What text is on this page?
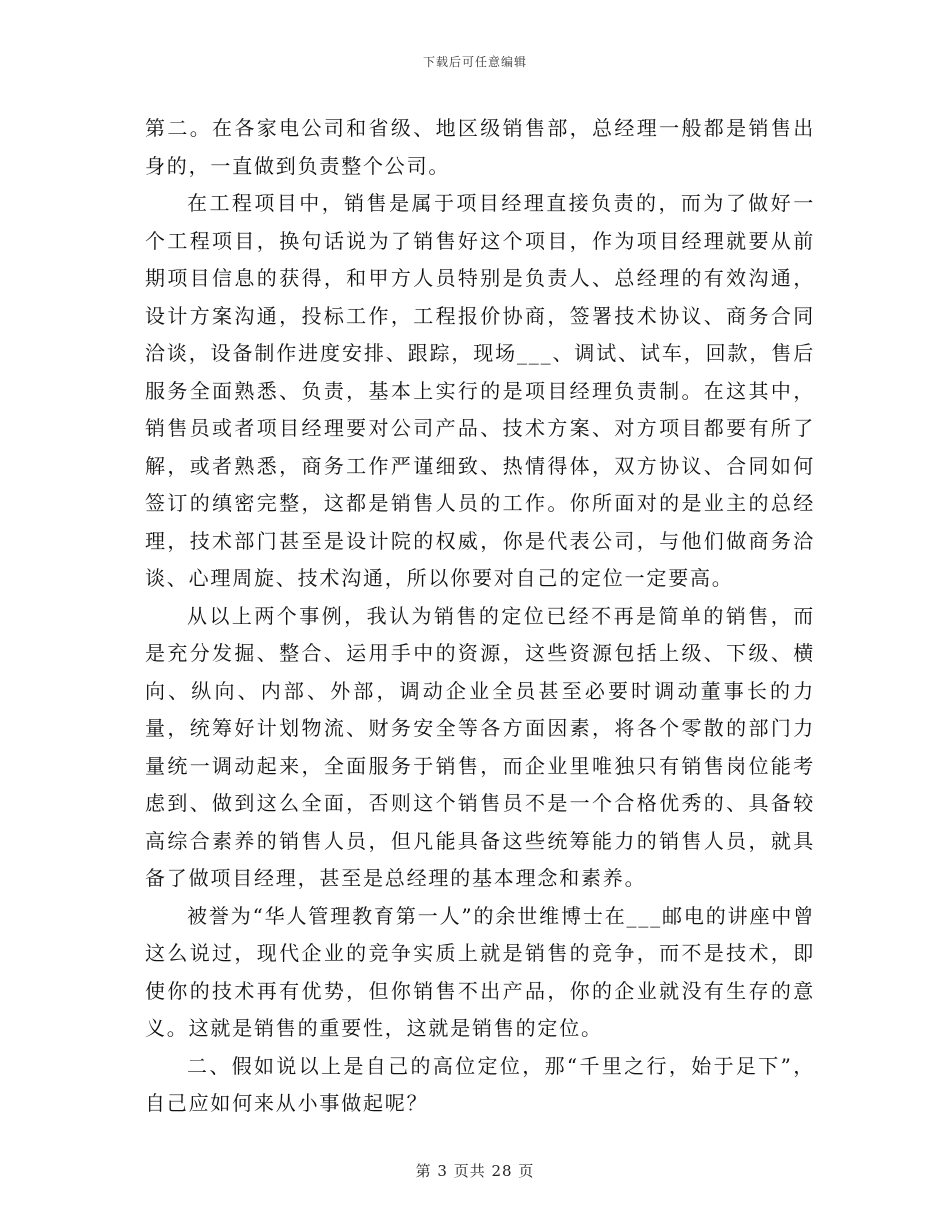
下载后可任意编辑

第二。在各家电公司和省级、地区级销售部，总经理一般都是销售出身的，一直做到负责整个公司。

在工程项目中，销售是属于项目经理直接负责的，而为了做好一个工程项目，换句话说为了销售好这个项目，作为项目经理就要从前期项目信息的获得，和甲方人员特别是负责人、总经理的有效沟通，设计方案沟通，投标工作，工程报价协商，签署技术协议、商务合同洽谈，设备制作进度安排、跟踪，现场___、调试、试车，回款，售后服务全面熟悉、负责，基本上实行的是项目经理负责制。在这其中，销售员或者项目经理要对公司产品、技术方案、对方项目都要有所了解，或者熟悉，商务工作严谨细致、热情得体，双方协议、合同如何签订的缜密完整，这都是销售人员的工作。你所面对的是业主的总经理，技术部门甚至是设计院的权威，你是代表公司，与他们做商务洽谈、心理周旋、技术沟通，所以你要对自己的定位一定要高。

从以上两个事例，我认为销售的定位已经不再是简单的销售，而是充分发掘、整合、运用手中的资源，这些资源包括上级、下级、横向、纵向、内部、外部，调动企业全员甚至必要时调动董事长的力量，统筹好计划物流、财务安全等各方面因素，将各个零散的部门力量统一调动起来，全面服务于销售，而企业里唯独只有销售岗位能考虑到、做到这么全面，否则这个销售员不是一个合格优秀的、具备较高综合素养的销售人员，但凡能具备这些统筹能力的销售人员，就具备了做项目经理，甚至是总经理的基本理念和素养。

被誉为“华人管理教育第一人”的余世维博士在___邮电的讲座中曾这么说过，现代企业的竞争实质上就是销售的竞争，而不是技术，即使你的技术再有优势，但你销售不出产品，你的企业就没有生存的意义。这就是销售的重要性，这就是销售的定位。

二、假如说以上是自己的高位定位，那“千里之行，始于足下”，自己应如何来从小事做起呢？

第 3 页共 28 页
